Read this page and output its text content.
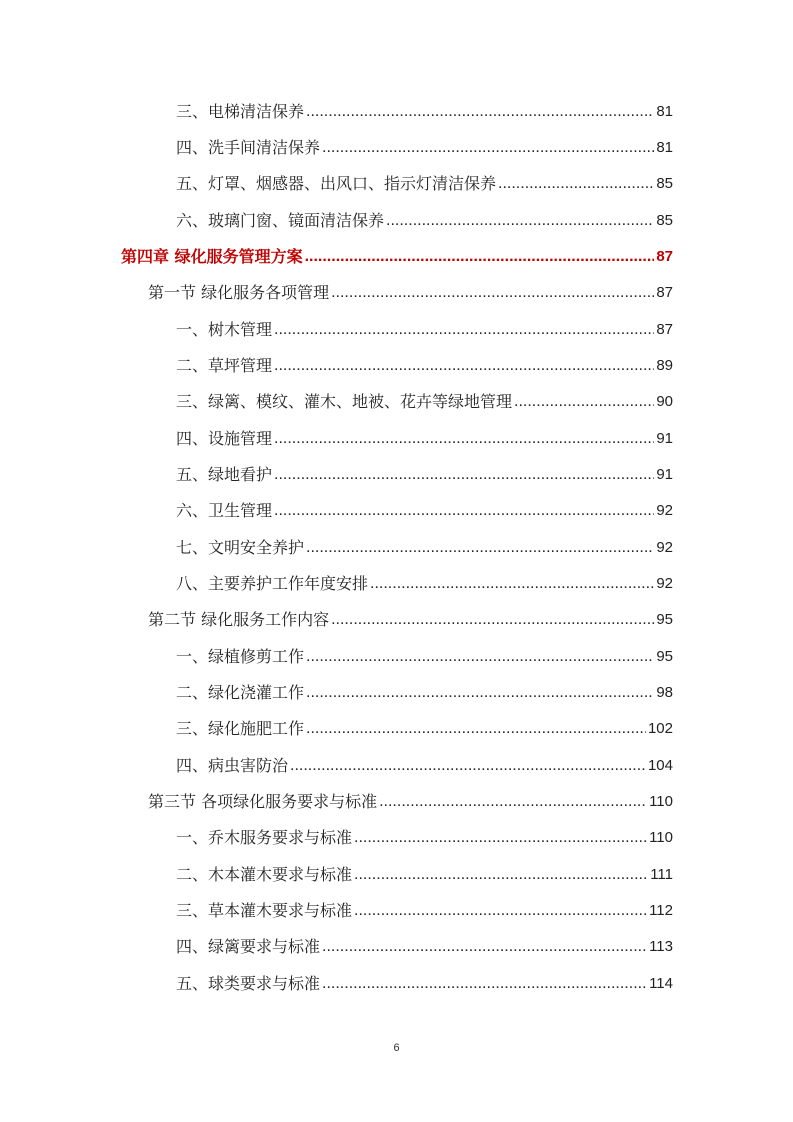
三、电梯清洁保养 .....	81
四、洗手间清洁保养 .....	81
五、灯罩、烟感器、出风口、指示灯清洁保养 .....	85
六、玻璃门窗、镜面清洁保养 .....	85
第四章 绿化服务管理方案 .....	87
第一节 绿化服务各项管理 .....	87
一、树木管理 .....	87
二、草坪管理 .....	89
三、绿篱、模纹、灌木、地被、花卉等绿地管理 .....	90
四、设施管理 .....	91
五、绿地看护 .....	91
六、卫生管理 .....	92
七、文明安全养护 .....	92
八、主要养护工作年度安排 .....	92
第二节 绿化服务工作内容 .....	95
一、绿植修剪工作 .....	95
二、绿化浇灌工作 .....	98
三、绿化施肥工作 .....	102
四、病虫害防治 .....	104
第三节 各项绿化服务要求与标准 .....	110
一、乔木服务要求与标准 .....	110
二、木本灌木要求与标准 .....	111
三、草本灌木要求与标准 .....	112
四、绿篱要求与标准 .....	113
五、球类要求与标准 .....	114
6
